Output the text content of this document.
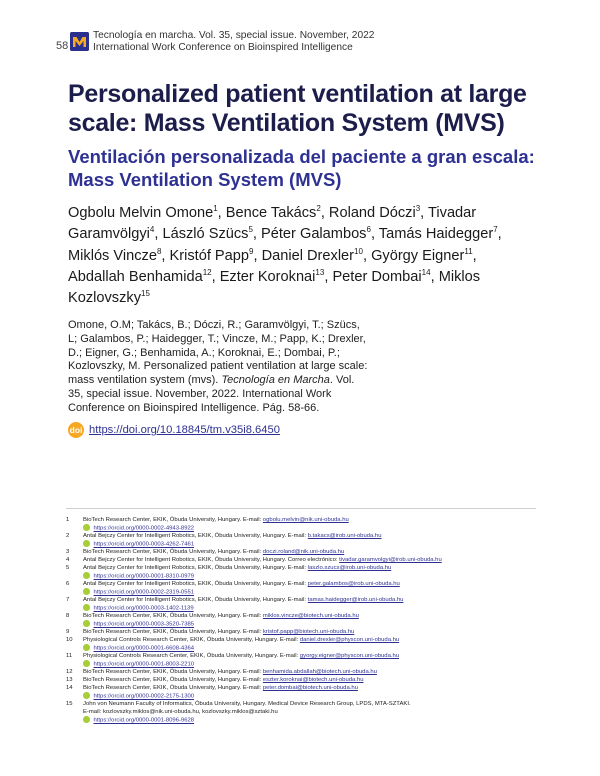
58
Tecnología en marcha. Vol. 35, special issue. November, 2022
International Work Conference on Bioinspired Intelligence
Personalized patient ventilation at large scale: Mass Ventilation System (MVS)
Ventilación personalizada del paciente a gran escala: Mass Ventilation System (MVS)
Ogbolu Melvin Omone$^1$, Bence Takács$^2$, Roland Dóczi$^3$, Tivadar Garamvölgyi$^4$, László Szücs$^5$, Péter Galambos$^6$, Tamás Haidegger$^7$, Miklós Vincze$^8$, Kristóf Papp$^9$, Daniel Drexler$^{10}$, György Eigner$^{11}$, Abdallah Benhamida$^{12}$, Ezter Koroknai$^{13}$, Peter Dombai$^{14}$, Miklos Kozlovszky$^{15}$
Omone, O.M; Takács, B.; Dóczi, R.; Garamvölgyi, T.; Szücs, L; Galambos, P.; Haidegger, T.; Vincze, M.; Papp, K.; Drexler, D.; Eigner, G.; Benhamida, A.; Koroknai, E.; Dombai, P.; Kozlovszky, M. Personalized patient ventilation at large scale: mass ventilation system (mvs). Tecnología en Marcha. Vol. 35, special issue. November, 2022. International Work Conference on Bioinspired Intelligence. Pág. 58-66.
doi https://doi.org/10.18845/tm.v35i8.6450
1 BioTech Research Center, EKIK, Óbuda University, Hungary. E-mail: ogbolu.melvin@nik.uni-obuda.hu
https://orcid.org/0000-0002-4943-8922
2 Antal Bejczy Center for Intelligent Robotics, EKIK, Óbuda University, Hungary. E-mail: b.takacs@irob.uni-obuda.hu
https://orcid.org/0000-0003-4262-7461
3 BioTech Research Center, EKIK, Óbuda University, Hungary. E-mail: doczi.roland@nik.uni-obuda.hu
4 Antal Bejczy Center for Intelligent Robotics, EKIK, Óbuda University, Hungary. Correo electrónico: tivadar.garamvolgyi@irob.uni-obuda.hu
5 Antal Bejczy Center for Intelligent Robotics, EKIK, Óbuda University, Hungary. E-mail: laszlo.szucs@irob.uni-obuda.hu
https://orcid.org/0000-0001-8310-0979
6 Antal Bejczy Center for Intelligent Robotics, EKIK, Óbuda University, Hungary. E-mail: peter.galambos@irob.uni-obuda.hu
https://orcid.org/0000-0002-2319-0551
7 Antal Bejczy Center for Intelligent Robotics, EKIK, Óbuda University, Hungary. E-mail: tamas.haidegger@irob.uni-obuda.hu
https://orcid.org/0000-0003-1402-1139
8 BioTech Research Center, EKIK, Óbuda University, Hungary. E-mail: miklos.vincze@biotech.uni-obuda.hu
https://orcid.org/0000-0003-3520-7385
9 BioTech Research Center, EKIK, Óbuda University, Hungary. E-mail: kristof.papp@biotech.uni-obuda.hu
10 Physiological Controls Research Center, EKIK, Óbuda University, Hungary. E-mail: daniel.drexler@physcon.uni-obuda.hu
https://orcid.org/0000-0001-6608-4364
11 Physiological Controls Research Center, EKIK, Óbuda University, Hungary. E-mail: gyorgy.eigner@physcon.uni-obuda.hu
https://orcid.org/0000-0001-8003-2210
12 BioTech Research Center, EKIK, Óbuda University, Hungary. E-mail: benhamida.abdallah@biotech.uni-obuda.hu
13 BioTech Research Center, EKIK, Óbuda University, Hungary. E-mail: eszter.koroknai@biotech.uni-obuda.hu
14 BioTech Research Center, EKIK, Óbuda University, Hungary. E-mail: peter.dombai@biotech.uni-obuda.hu
https://orcid.org/0000-0002-2175-1300
15 John von Neumann Faculty of Informatics, Óbuda University, Hungary. Medical Device Research Group, LPDS, MTA-SZTAKI.
E-mail: kozlovszky.miklos@nik.uni-obuda.hu, kozlovszky.miklos@sztaki.hu
https://orcid.org/0000-0001-8096-9628
